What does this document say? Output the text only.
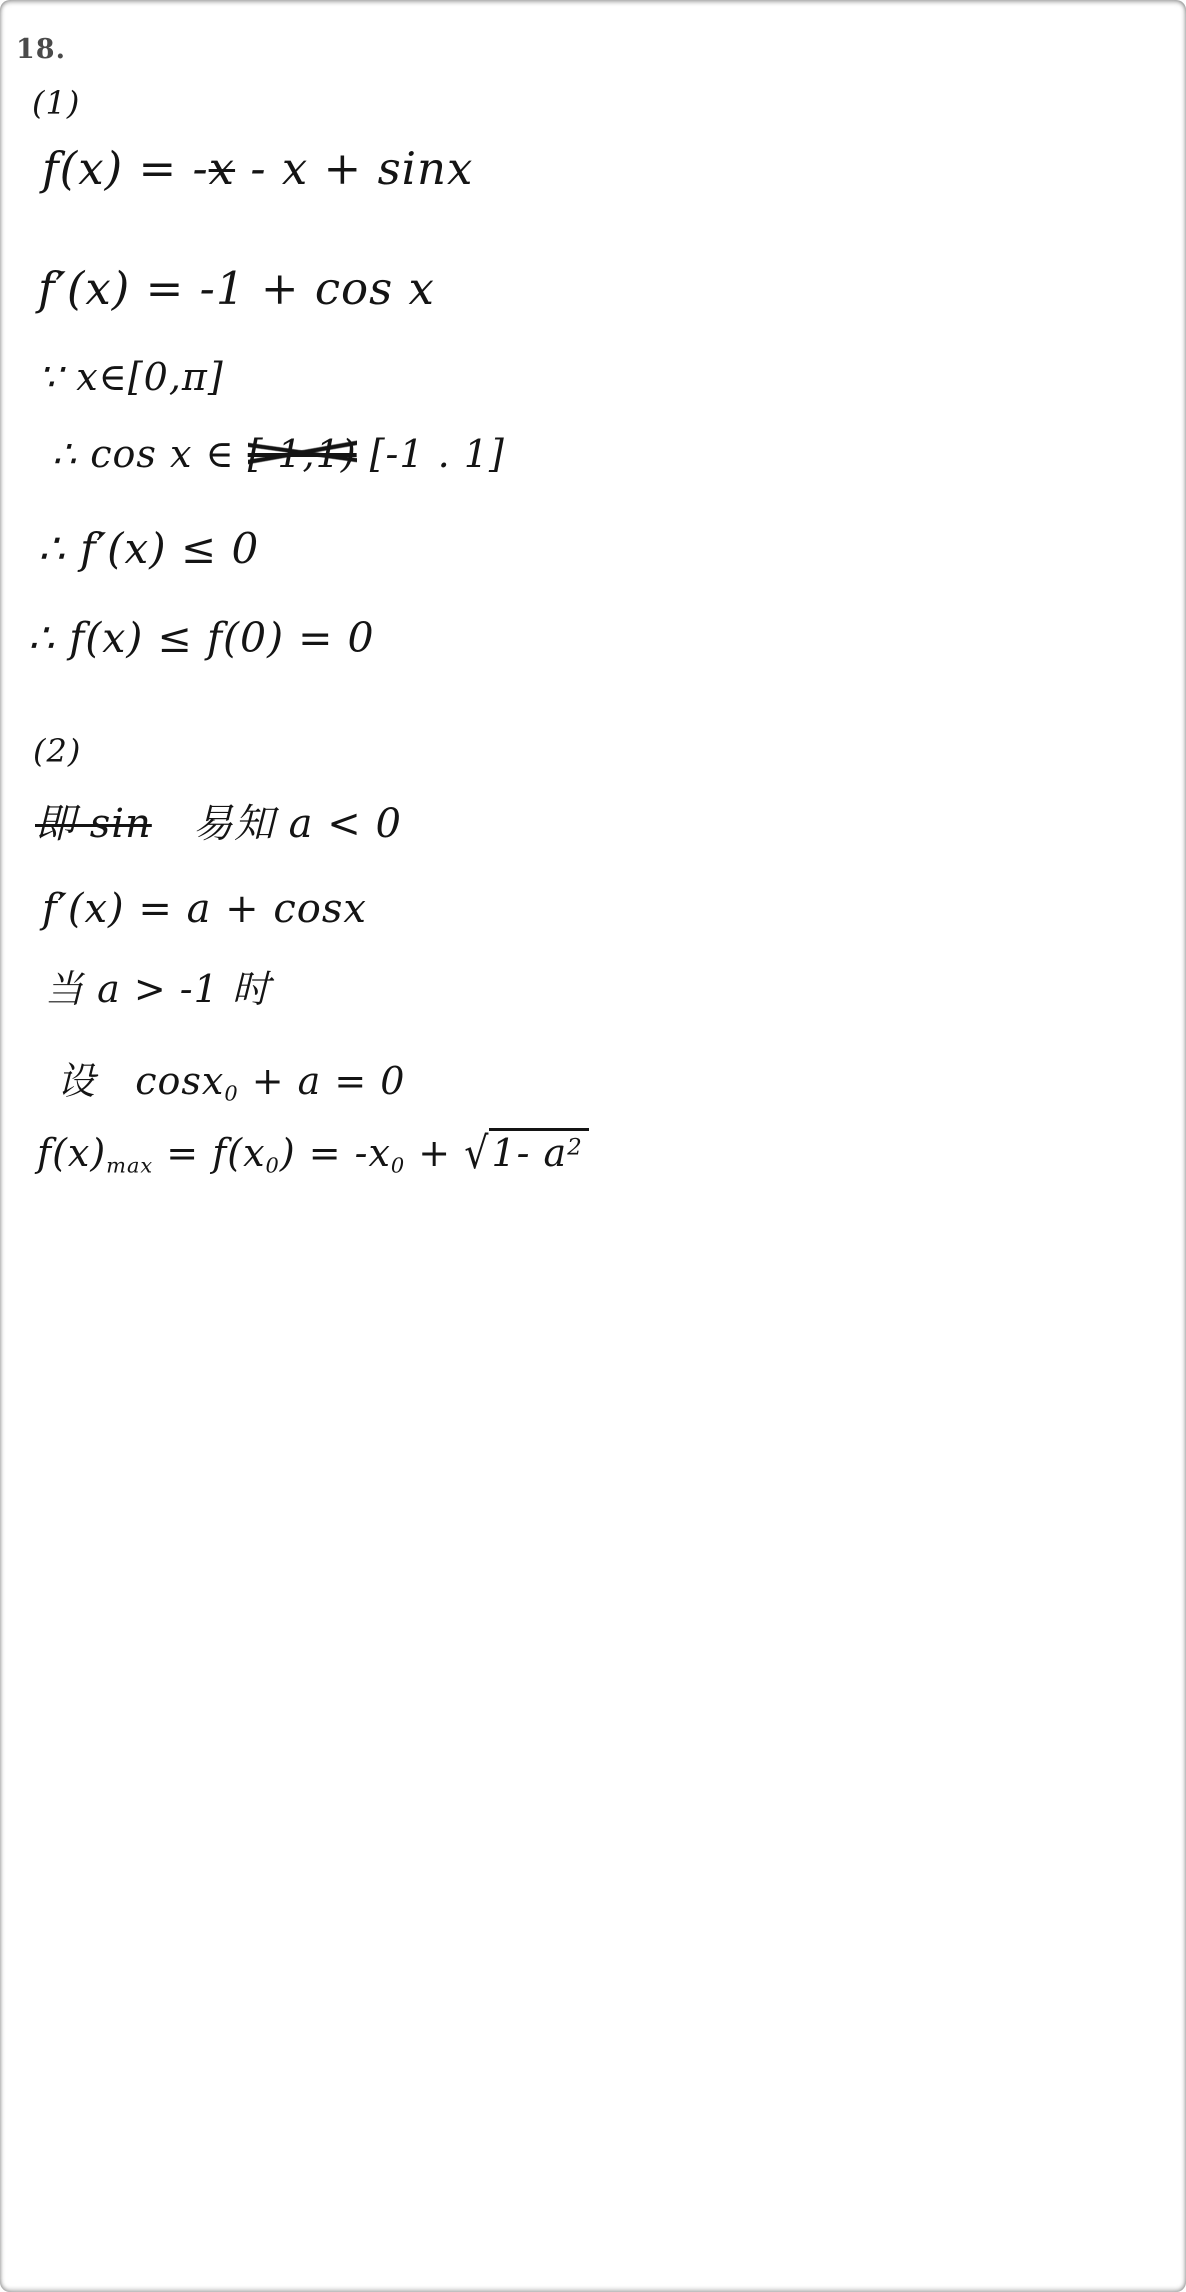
18.
(1)
f(x) = -x - x + sinx
f′(x) = -1 + cos x
∵ x∈[0,π]
∴ cos x ∈ [-1,1) [-1 . 1]
∴ f′(x) ≤ 0
∴ f(x) ≤ f(0) = 0
(2)
即 sin   易知 a < 0
f′(x) = a + cosx
当 a > -1 时
设   cosx0 + a = 0
f(x)max = f(x0) = -x0 + √1- $a^2$
